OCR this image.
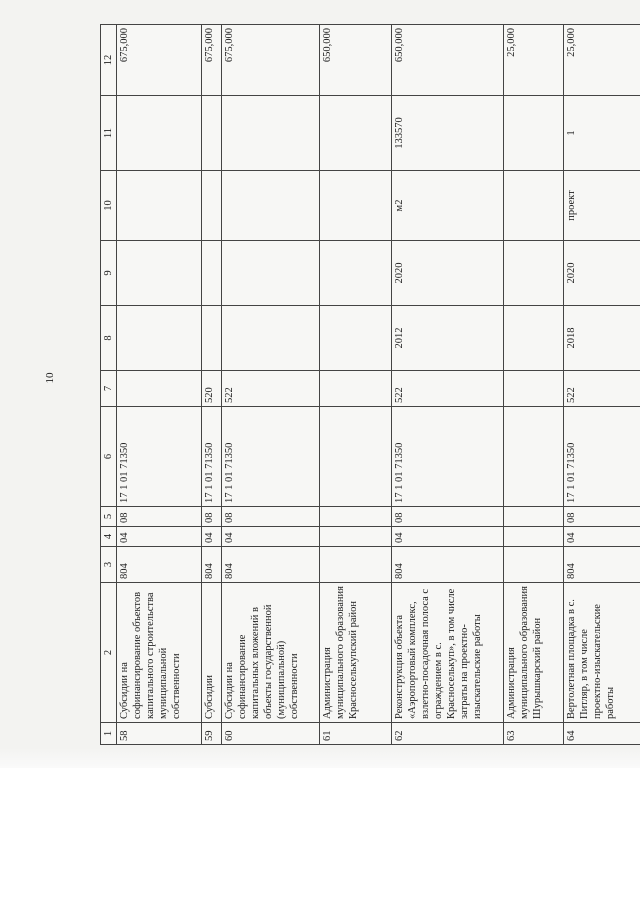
10
1	2	3	4	5	6	7	8	9	10	11	12
58	Субсидии на софинансирование объектов капитального строительства муниципальной собственности	804	04	08	17 1 01 71350						675,000
59	Субсидии	804	04	08	17 1 01 71350	520					675,000
60	Субсидии на софинансирование капитальных вложений в объекты государственной (муниципальной) собственности	804	04	08	17 1 01 71350	522					675,000
61	Администрация муниципального образования Красноселькупский район										650,000
62	Реконструкция объекта «Аэропортовый комплекс, взлетно-посадочная полоса с ограждением в с. Красноселькуп», в том числе затраты на проектно-изыскательские работы	804	04	08	17 1 01 71350	522	2012	2020	м2	133570	650,000
63	Администрация муниципального образования Шурышкарский район										25,000
64	Вертолетная площадка в с. Питляр, в том числе проектно-изыскательские работы	804	04	08	17 1 01 71350	522	2018	2020	проект	1	25,000
